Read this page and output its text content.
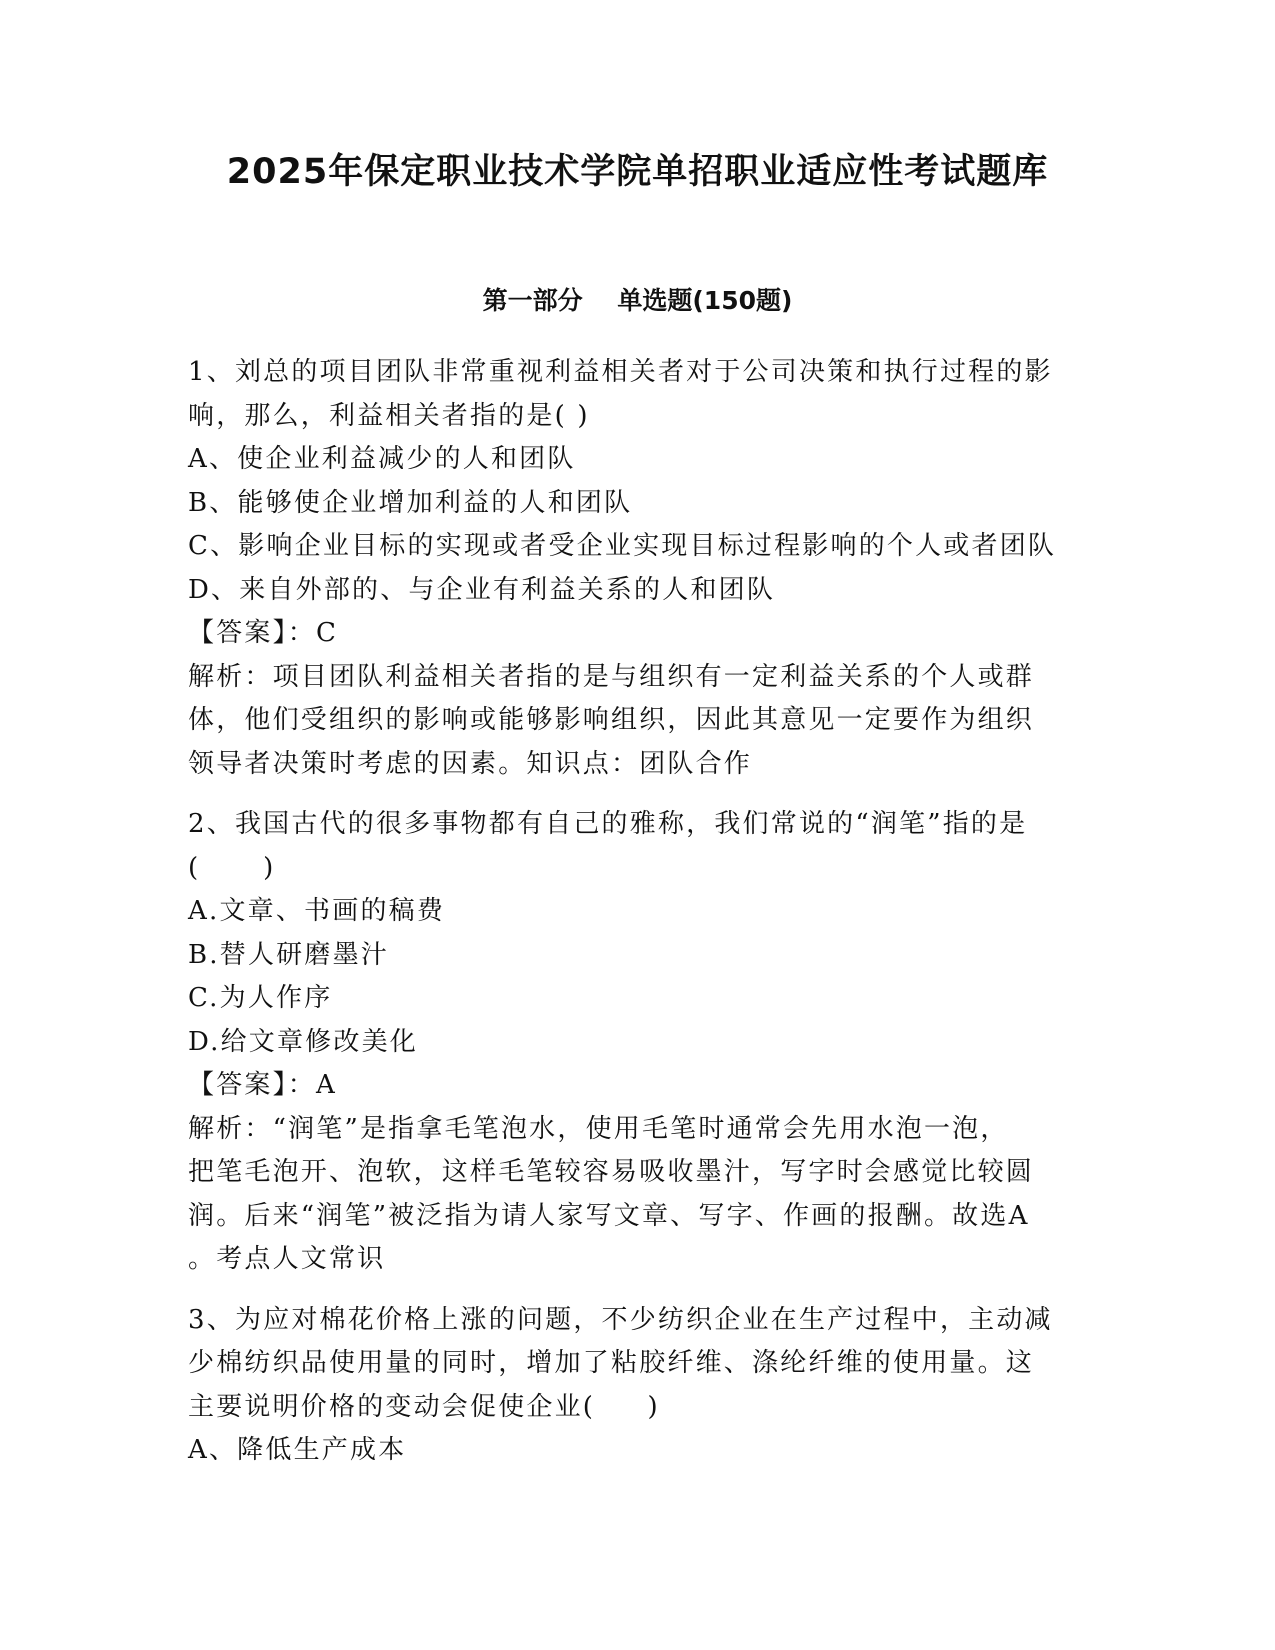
2025年保定职业技术学院单招职业适应性考试题库
第一部分    单选题(150题)
1、刘总的项目团队非常重视利益相关者对于公司决策和执行过程的影
响，那么，利益相关者指的是( )
A、使企业利益减少的人和团队
B、能够使企业增加利益的人和团队
C、影响企业目标的实现或者受企业实现目标过程影响的个人或者团队
D、来自外部的、与企业有利益关系的人和团队
【答案】：C
解析：项目团队利益相关者指的是与组织有一定利益关系的个人或群
体，他们受组织的影响或能够影响组织，因此其意见一定要作为组织
领导者决策时考虑的因素。知识点：团队合作
2、我国古代的很多事物都有自己的雅称，我们常说的“润笔”指的是
(      )
A.文章、书画的稿费
B.替人研磨墨汁
C.为人作序
D.给文章修改美化
【答案】：A
解析：“润笔”是指拿毛笔泡水，使用毛笔时通常会先用水泡一泡，
把笔毛泡开、泡软，这样毛笔较容易吸收墨汁，写字时会感觉比较圆
润。后来“润笔”被泛指为请人家写文章、写字、作画的报酬。故选A
。考点人文常识
3、为应对棉花价格上涨的问题，不少纺织企业在生产过程中，主动减
少棉纺织品使用量的同时，增加了粘胶纤维、涤纶纤维的使用量。这
主要说明价格的变动会促使企业(     )
A、降低生产成本
